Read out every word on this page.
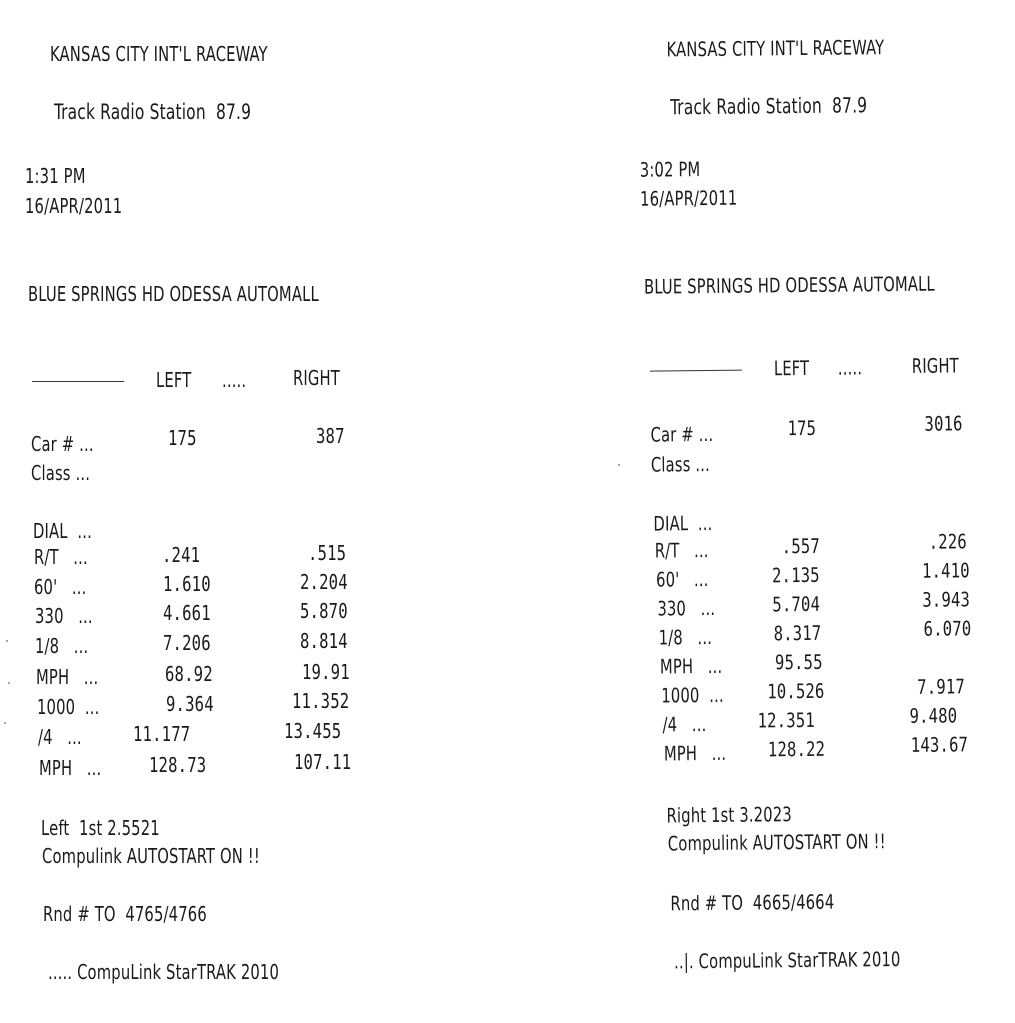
KANSAS CITY INT'L RACEWAY
Track Radio Station  87.9
1:31 PM
16/APR/2011
BLUE SPRINGS HD ODESSA AUTOMALL
LEFT ..... RIGHT
Car # ...	175	387
Class ...
DIAL  ...
R/T   ...	.241	.515
60'   ...	1.610	2.204
330   ...	4.661	5.870
1/8   ...	7.206	8.814
MPH   ...	68.92	19.91
1000  ...	9.364	11.352
/4   ...	11.177	13.455
MPH   ... 128.73	107.11
Left  1st 2.5521
Compulink AUTOSTART ON !!
Rnd # TO  4765/4766
..... CompuLink StarTRAK 2010
KANSAS CITY INT'L RACEWAY
Track Radio Station  87.9
3:02 PM
16/APR/2011
BLUE SPRINGS HD ODESSA AUTOMALL
LEFT ..... RIGHT
Car # ...	175	3016
Class ...
DIAL  ...
R/T   ...	.557	.226
60'   ...	2.135	1.410
330   ...	5.704	3.943
1/8   ...	8.317	6.070
MPH   ...	95.55
1000  ... 10.526	7.917
/4   ...	12.351	9.480
MPH   ... 128.22	143.67
Right 1st 3.2023
Compulink AUTOSTART ON !!
Rnd # TO  4665/4664
..|. CompuLink StarTRAK 2010
